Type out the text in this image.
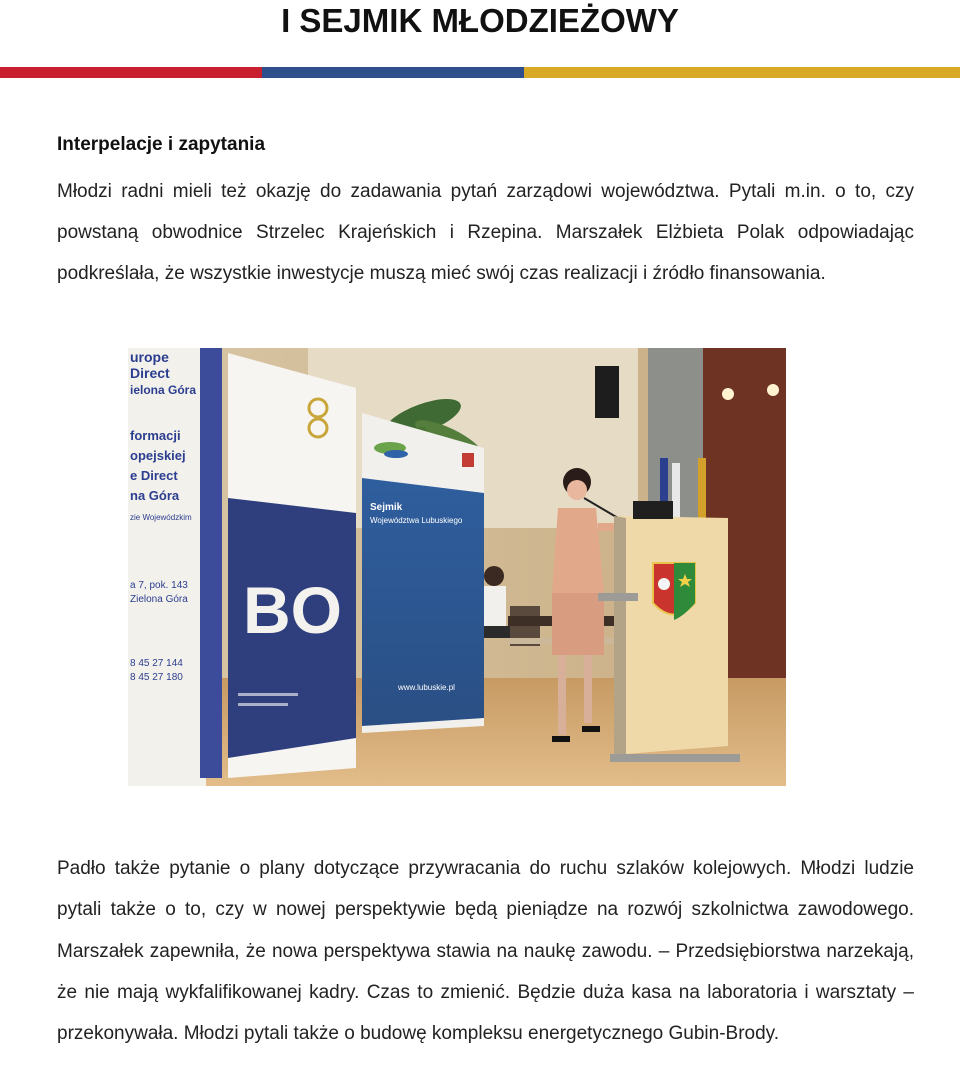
I SEJMIK MŁODZIEŻOWY
Interpelacje i zapytania
Młodzi radni mieli też okazję do zadawania pytań zarządowi województwa. Pytali m.in. o to, czy powstaną obwodnice Strzelec Krajeńskich i Rzepina. Marszałek Elżbieta Polak odpowiadając podkreślała, że wszystkie inwestycje muszą mieć swój czas realizacji i źródło finansowania.
urope
Direct
ielona Góra
formacji
opejskiej
e Direct
na Góra
zie Wojewódzkim
a 7, pok. 143
Zielona Góra
8 45 27 144
8 45 27 180
BO
Sejmik
Województwa Lubuskiego
www.lubuskie.pl
Padło także pytanie o plany dotyczące przywracania do ruchu szlaków kolejowych. Młodzi ludzie pytali także o to, czy w nowej perspektywie będą pieniądze na rozwój szkolnictwa zawodowego. Marszałek zapewniła, że nowa perspektywa stawia na naukę zawodu. – Przedsiębiorstwa narzekają, że nie mają wykfalifikowanej kadry. Czas to zmienić. Będzie duża kasa na laboratoria i warsztaty – przekonywała. Młodzi pytali także o budowę kompleksu energetycznego Gubin-Brody.
